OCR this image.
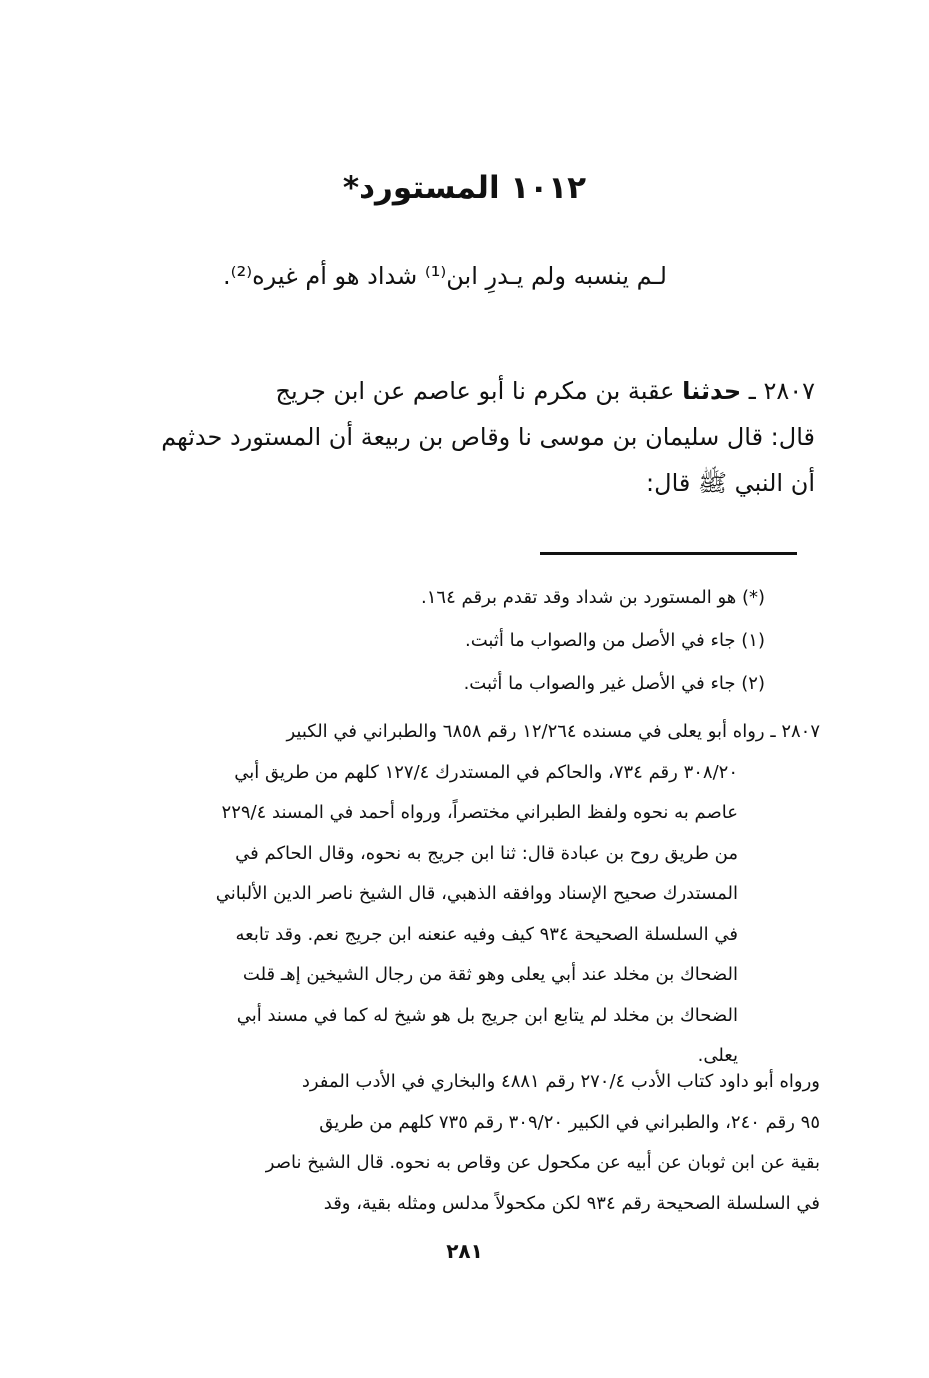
١٠١٢ المستورد*
لـم ينسبه ولم يـدرِ ابن⁽¹⁾ شداد هو أم غيره⁽²⁾.
٢٨٠٧ ـ حدثنا عقبة بن مكرم نا أبو عاصم عن ابن جريج
قال: قال سليمان بن موسى نا وقاص بن ربيعة أن المستورد حدثهم
أن النبي ﷺ قال:
(*) هو المستورد بن شداد وقد تقدم برقم ١٦٤.
(١) جاء في الأصل من والصواب ما أثبت.
(٢) جاء في الأصل غير والصواب ما أثبت.
٢٨٠٧ ـ رواه أبو يعلى في مسنده ١٢/٢٦٤ رقم ٦٨٥٨ والطبراني في الكبير
٣٠٨/٢٠ رقم ٧٣٤، والحاكم في المستدرك ١٢٧/٤ كلهم من طريق أبي
عاصم به نحوه ولفظ الطبراني مختصراً، ورواه أحمد في المسند ٢٢٩/٤
من طريق روح بن عبادة قال: ثنا ابن جريج به نحوه، وقال الحاكم في
المستدرك صحيح الإسناد ووافقه الذهبي، قال الشيخ ناصر الدين الألباني
في السلسلة الصحيحة ٩٣٤ كيف وفيه عنعنه ابن جريج نعم. وقد تابعه
الضحاك بن مخلد عند أبي يعلى وهو ثقة من رجال الشيخين إهـ قلت
الضحاك بن مخلد لم يتابع ابن جريج بل هو شيخ له كما في مسند أبي
يعلى.
ورواه أبو داود كتاب الأدب ٢٧٠/٤ رقم ٤٨٨١ والبخاري في الأدب المفرد
٩٥ رقم ٢٤٠، والطبراني في الكبير ٣٠٩/٢٠ رقم ٧٣٥ كلهم من طريق
بقية عن ابن ثوبان عن أبيه عن مكحول عن وقاص به نحوه. قال الشيخ ناصر
في السلسلة الصحيحة رقم ٩٣٤ لكن مكحولاً مدلس ومثله بقية، وقد
٢٨١
